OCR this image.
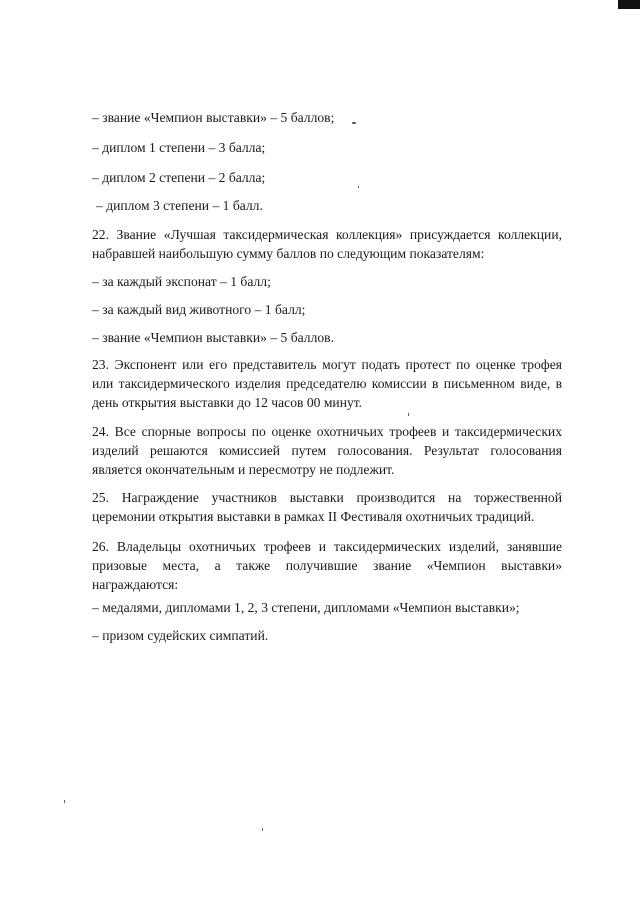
– звание «Чемпион выставки» – 5 баллов;
– диплом 1 степени – 3 балла;
– диплом 2 степени – 2 балла;
– диплом 3 степени – 1 балл.
22. Звание «Лучшая таксидермическая коллекция» присуждается коллекции,
набравшей наибольшую сумму баллов по следующим показателям:
– за каждый экспонат – 1 балл;
– за каждый вид животного – 1 балл;
– звание «Чемпион выставки» – 5 баллов.
23. Экспонент или его представитель могут подать протест по оценке трофея
или таксидермического изделия председателю комиссии в письменном виде, в
день открытия выставки до 12 часов 00 минут.
24. Все спорные вопросы по оценке охотничьих трофеев и таксидермических
изделий решаются комиссией путем голосования. Результат голосования
является окончательным и пересмотру не подлежит.
25. Награждение участников выставки производится на торжественной
церемонии открытия выставки в рамках II Фестиваля охотничьих традиций.
26. Владельцы охотничьих трофеев и таксидермических изделий, занявшие
призовые места, а также получившие звание «Чемпион выставки»
награждаются:
– медалями, дипломами 1, 2, 3 степени, дипломами «Чемпион выставки»;
– призом судейских симпатий.
